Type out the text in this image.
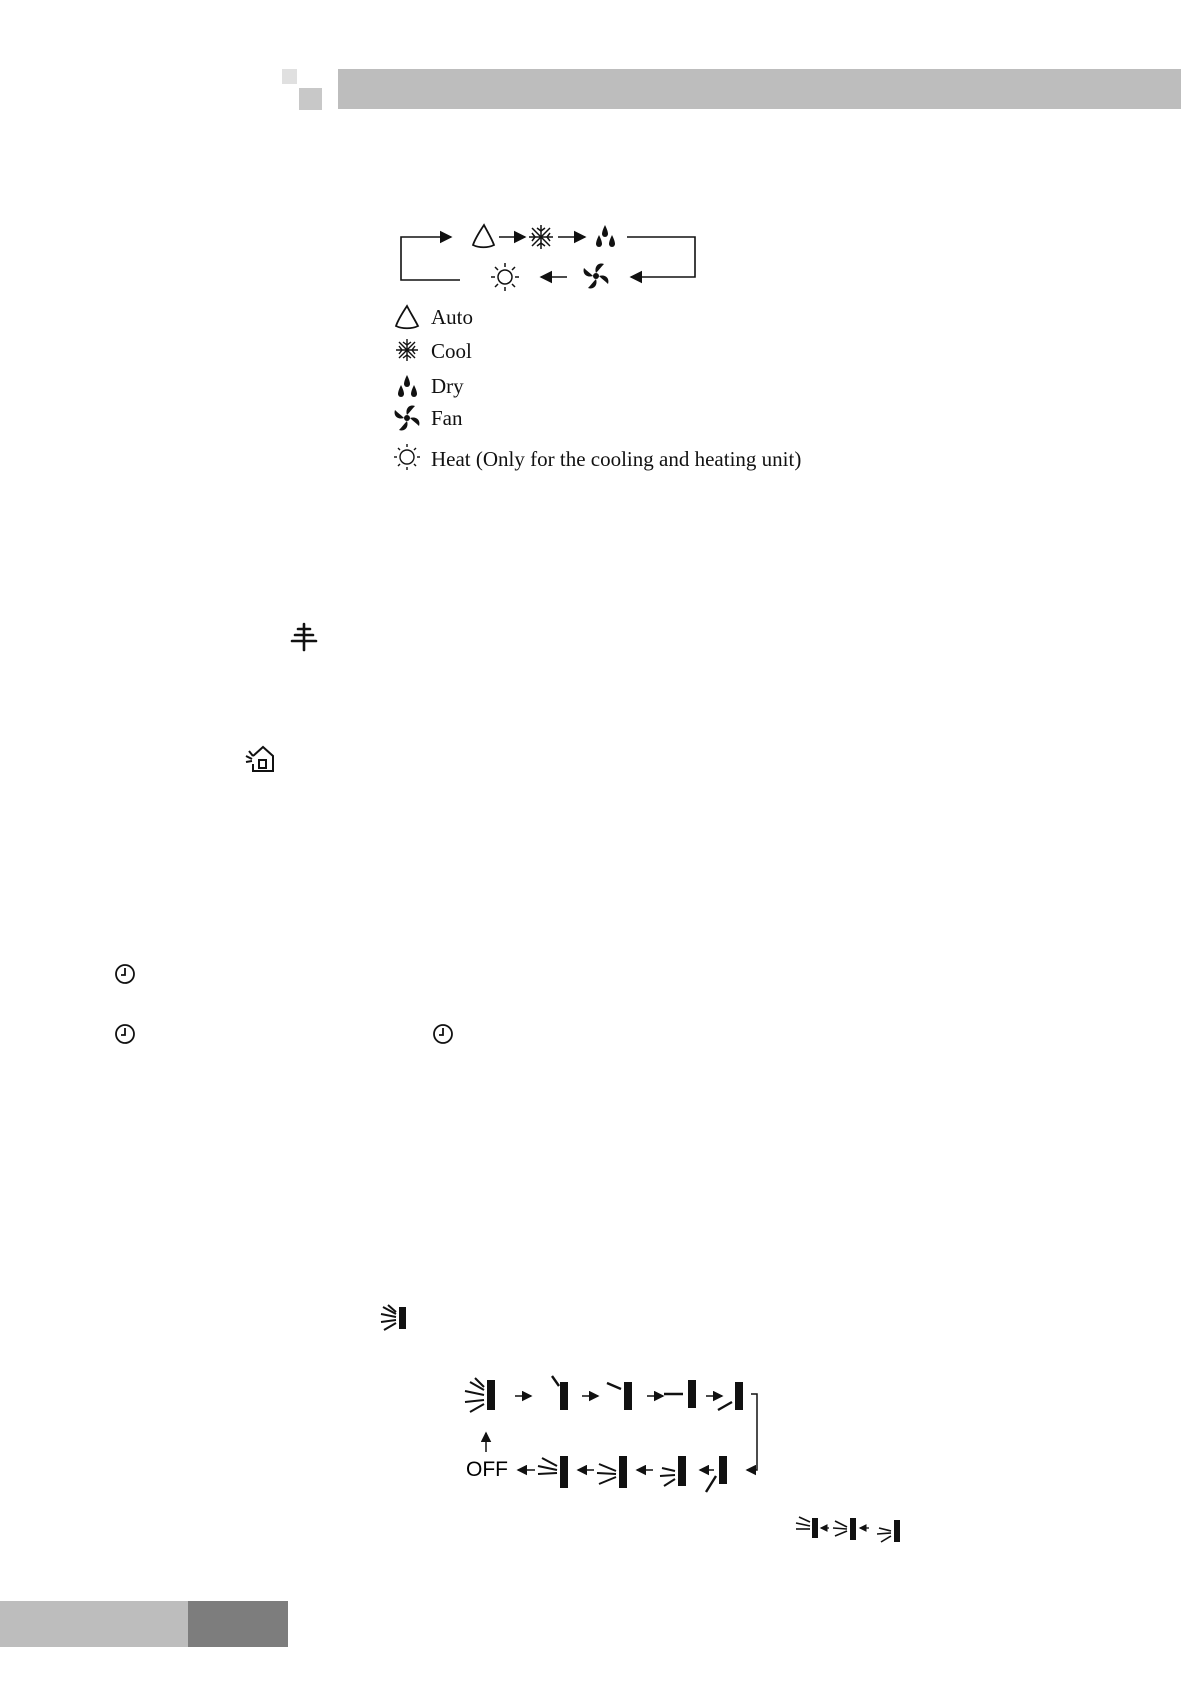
Auto
Cool
Dry
Fan
Heat (Only for the cooling and heating unit)
OFF
